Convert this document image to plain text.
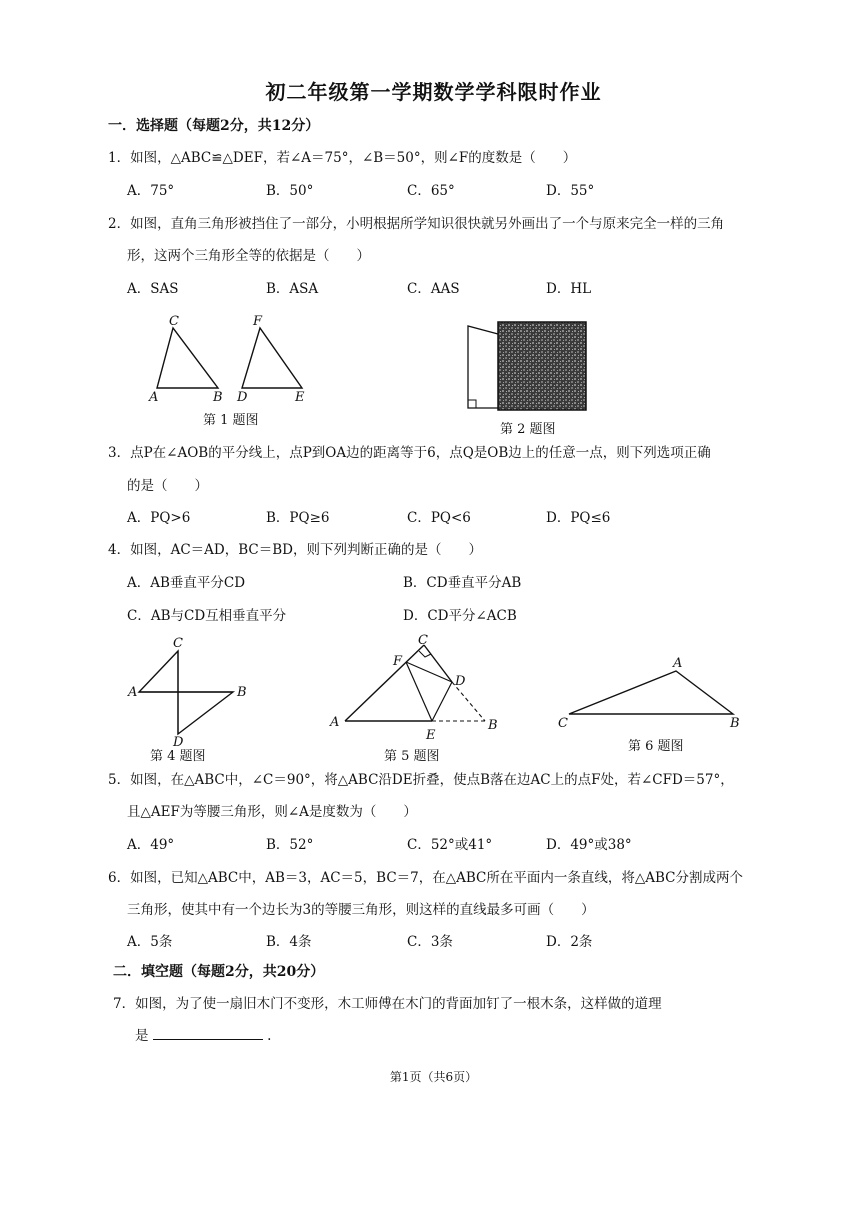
初二年级第一学期数学学科限时作业
一．选择题（每题2分，共12分）
1．如图，△ABC≌△DEF，若∠A＝75°，∠B＝50°，则∠F的度数是（　　）
A．75°	B．50°	C．65°	D．55°
2．如图，直角三角形被挡住了一部分，小明根据所学知识很快就另外画出了一个与原来完全一样的三角
形，这两个三角形全等的依据是（　　）
A．SAS	B．ASA	C．AAS	D．HL
C
A	B
F
D	E
第 1 题图
第 2 题图
3．点P在∠AOB的平分线上，点P到OA边的距离等于6，点Q是OB边上的任意一点，则下列选项正确
的是（　　）
A．PQ>6	B．PQ≥6	C．PQ<6	D．PQ≤6
4．如图，AC＝AD，BC＝BD，则下列判断正确的是（　　）
A．AB垂直平分CD	B．CD垂直平分AB
C．AB与CD互相垂直平分	D．CD平分∠ACB
C
A	B
D
第 4 题图
C
F
D
A
E
B
第 5 题图
A
C	B
第 6 题图
5．如图，在△ABC中，∠C＝90°，将△ABC沿DE折叠，使点B落在边AC上的点F处，若∠CFD＝57°，
且△AEF为等腰三角形，则∠A是度数为（　　）
A．49°	B．52°	C．52°或41°	D．49°或38°
6．如图，已知△ABC中，AB＝3，AC＝5，BC＝7，在△ABC所在平面内一条直线，将△ABC分割成两个
三角形，使其中有一个边长为3的等腰三角形，则这样的直线最多可画（　　）
A．5条	B．4条	C．3条	D．2条
二．填空题（每题2分，共20分）
7．如图，为了使一扇旧木门不变形，木工师傅在木门的背面加钉了一根木条，这样做的道理
是	.
第1页（共6页）
